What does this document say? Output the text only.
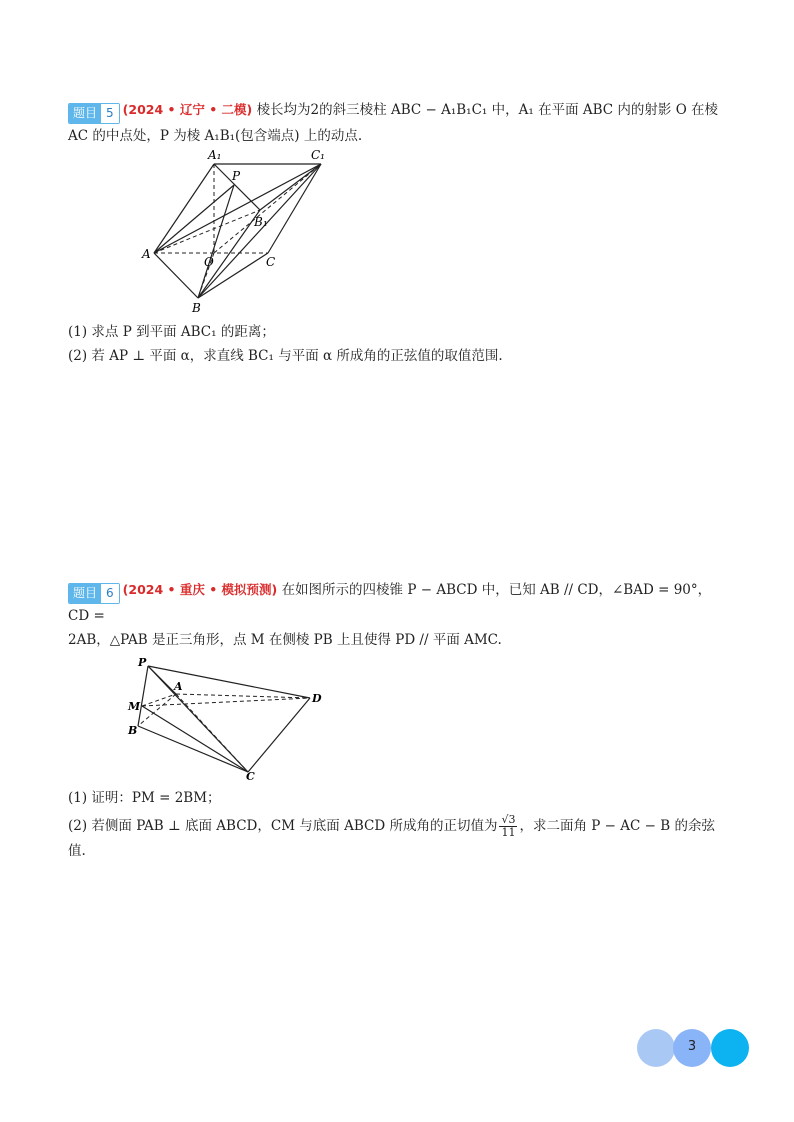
题目 5 (2024 • 辽宁 • 二模) 棱长均为2的斜三棱柱 ABC − A₁B₁C₁ 中，A₁ 在平面 ABC 内的射影 O 在棱
AC 的中点处，P 为棱 A₁B₁(包含端点) 上的动点.
A₁	C₁
P
B₁
A
O	C
B
(1) 求点 P 到平面 ABC₁ 的距离；
(2) 若 AP ⊥ 平面 α，求直线 BC₁ 与平面 α 所成角的正弦值的取值范围.
题目 6 (2024 • 重庆 • 模拟预测) 在如图所示的四棱锥 P − ABCD 中，已知 AB // CD，∠BAD = 90°，CD =
2AB，△PAB 是正三角形，点 M 在侧棱 PB 上且使得 PD // 平面 AMC.
P
A
D
M
B
C
(1) 证明：PM = 2BM；
(2) 若侧面 PAB ⊥ 底面 ABCD，CM 与底面 ABCD 所成角的正切值为 $\frac{√3}{11}$ ，求二面角 P − AC − B 的余弦
值.
3
